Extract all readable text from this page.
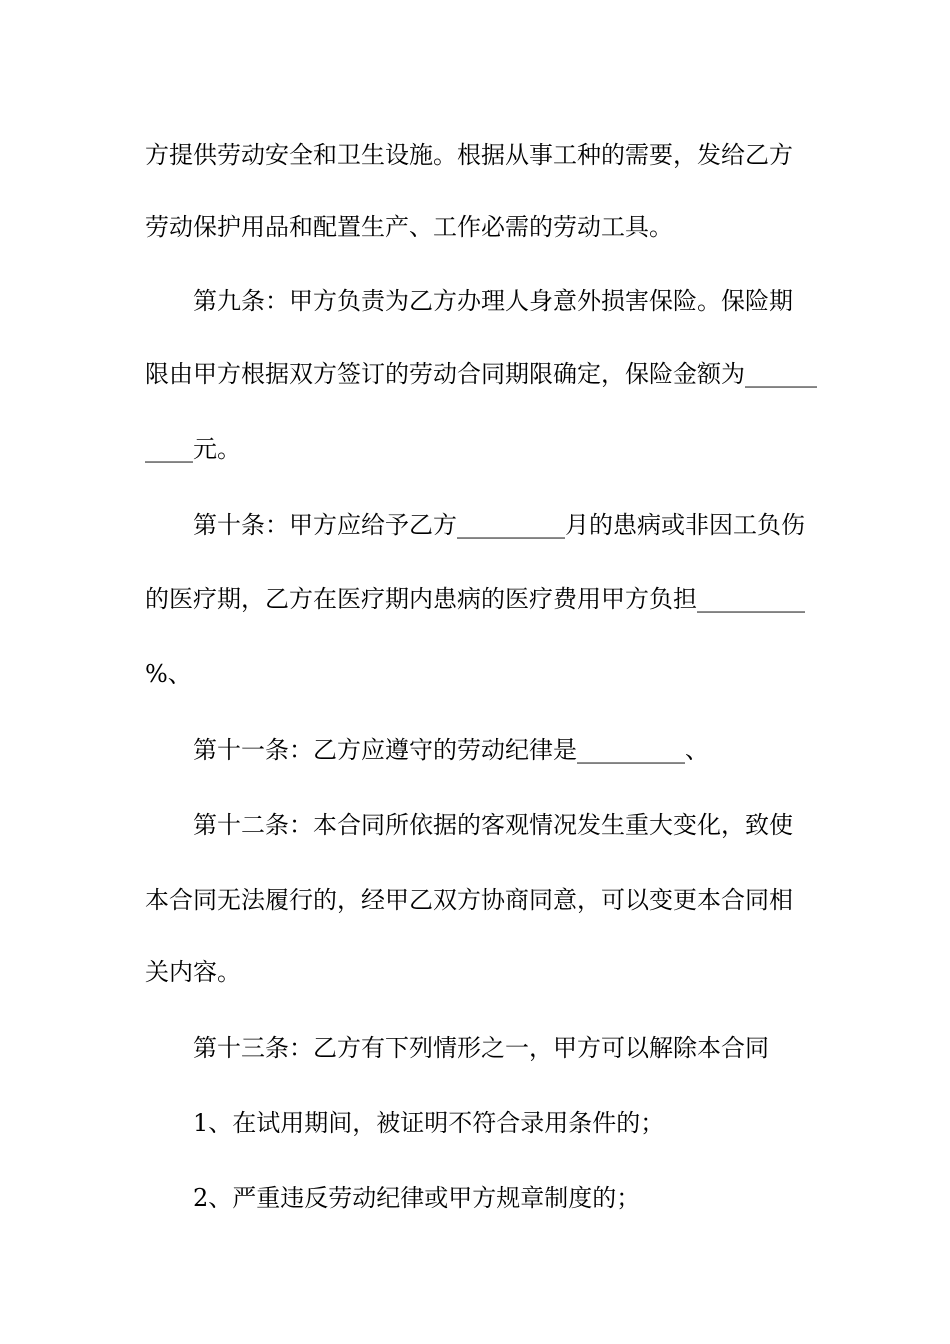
方提供劳动安全和卫生设施。根据从事工种的需要，发给乙方
劳动保护用品和配置生产、工作必需的劳动工具。
第九条：甲方负责为乙方办理人身意外损害保险。保险期
限由甲方根据双方签订的劳动合同期限确定，保险金额为______
____元。
第十条：甲方应给予乙方_________月的患病或非因工负伤
的医疗期，乙方在医疗期内患病的医疗费用甲方负担_________
%、
第十一条：乙方应遵守的劳动纪律是_________、
第十二条：本合同所依据的客观情况发生重大变化，致使
本合同无法履行的，经甲乙双方协商同意，可以变更本合同相
关内容。
第十三条：乙方有下列情形之一，甲方可以解除本合同
1、在试用期间，被证明不符合录用条件的；
2、严重违反劳动纪律或甲方规章制度的；
